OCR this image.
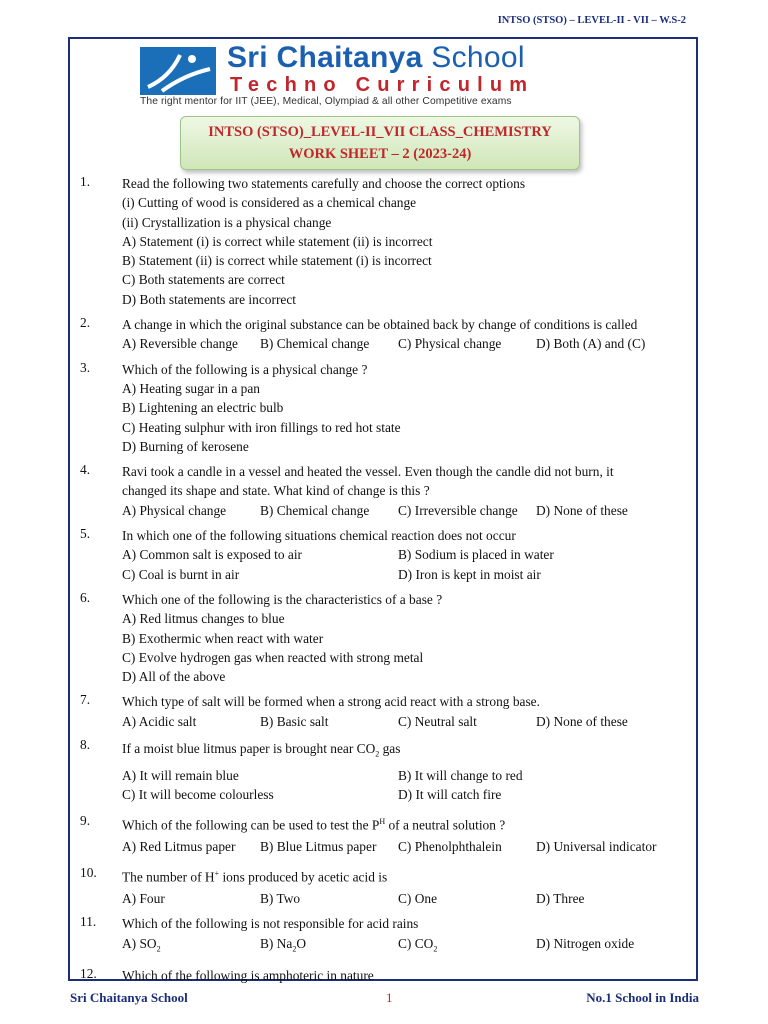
INTSO (STSO) – LEVEL-II - VII – W.S-2
Sri Chaitanya School
Techno Curriculum
The right mentor for IIT (JEE), Medical, Olympiad & all other Competitive exams
INTSO (STSO)_LEVEL-II_VII CLASS_CHEMISTRY
WORK SHEET – 2 (2023-24)
1.	Read the following two statements carefully and choose the correct options
(i) Cutting of wood is considered as a chemical change
(ii) Crystallization is a physical change
A) Statement (i) is correct while statement (ii) is incorrect
B) Statement (ii) is correct while statement (i) is incorrect
C) Both statements are correct
D) Both statements are incorrect
2.	A change in which the original substance can be obtained back by change of conditions is called
A) Reversible change	B) Chemical change	C) Physical change	D) Both (A) and (C)
3.	Which of the following is a physical change ?
A) Heating sugar in a pan
B) Lightening an electric bulb
C) Heating sulphur with iron fillings to red hot state
D) Burning of kerosene
4.	Ravi took a candle in a vessel and heated the vessel. Even though the candle did not burn, it
changed its shape and state. What kind of change is this ?
A) Physical change	B) Chemical change	C) Irreversible change	D) None of these
5.	In which one of the following situations chemical reaction does not occur
A) Common salt is exposed to air	B) Sodium is placed in water
C) Coal is burnt in air	D) Iron is kept in moist air
6.	Which one of the following is the characteristics of a base ?
A) Red litmus changes to blue
B) Exothermic when react with water
C) Evolve hydrogen gas when reacted with strong metal
D) All of the above
7.	Which type of salt will be formed when a strong acid react with a strong base.
A) Acidic salt	B) Basic salt	C) Neutral salt	D) None of these
8.	If a moist blue litmus paper is brought near $CO_2$ gas
A) It will remain blue	B) It will change to red
C) It will become colourless	D) It will catch fire
9.	Which of the following can be used to test the $P^H$ of a neutral solution ?
A) Red Litmus paper	B) Blue Litmus paper	C) Phenolphthalein	D) Universal indicator
10.	The number of H+ ions produced by acetic acid is
A) Four	B) Two	C) One	D) Three
11.	Which of the following is not responsible for acid rains
A) $SO_2$	B) $Na_2O$	C) $CO_2$	D) Nitrogen oxide
12.	Which of the following is amphoteric in nature
Sri Chaitanya School	1	No.1 School in India
